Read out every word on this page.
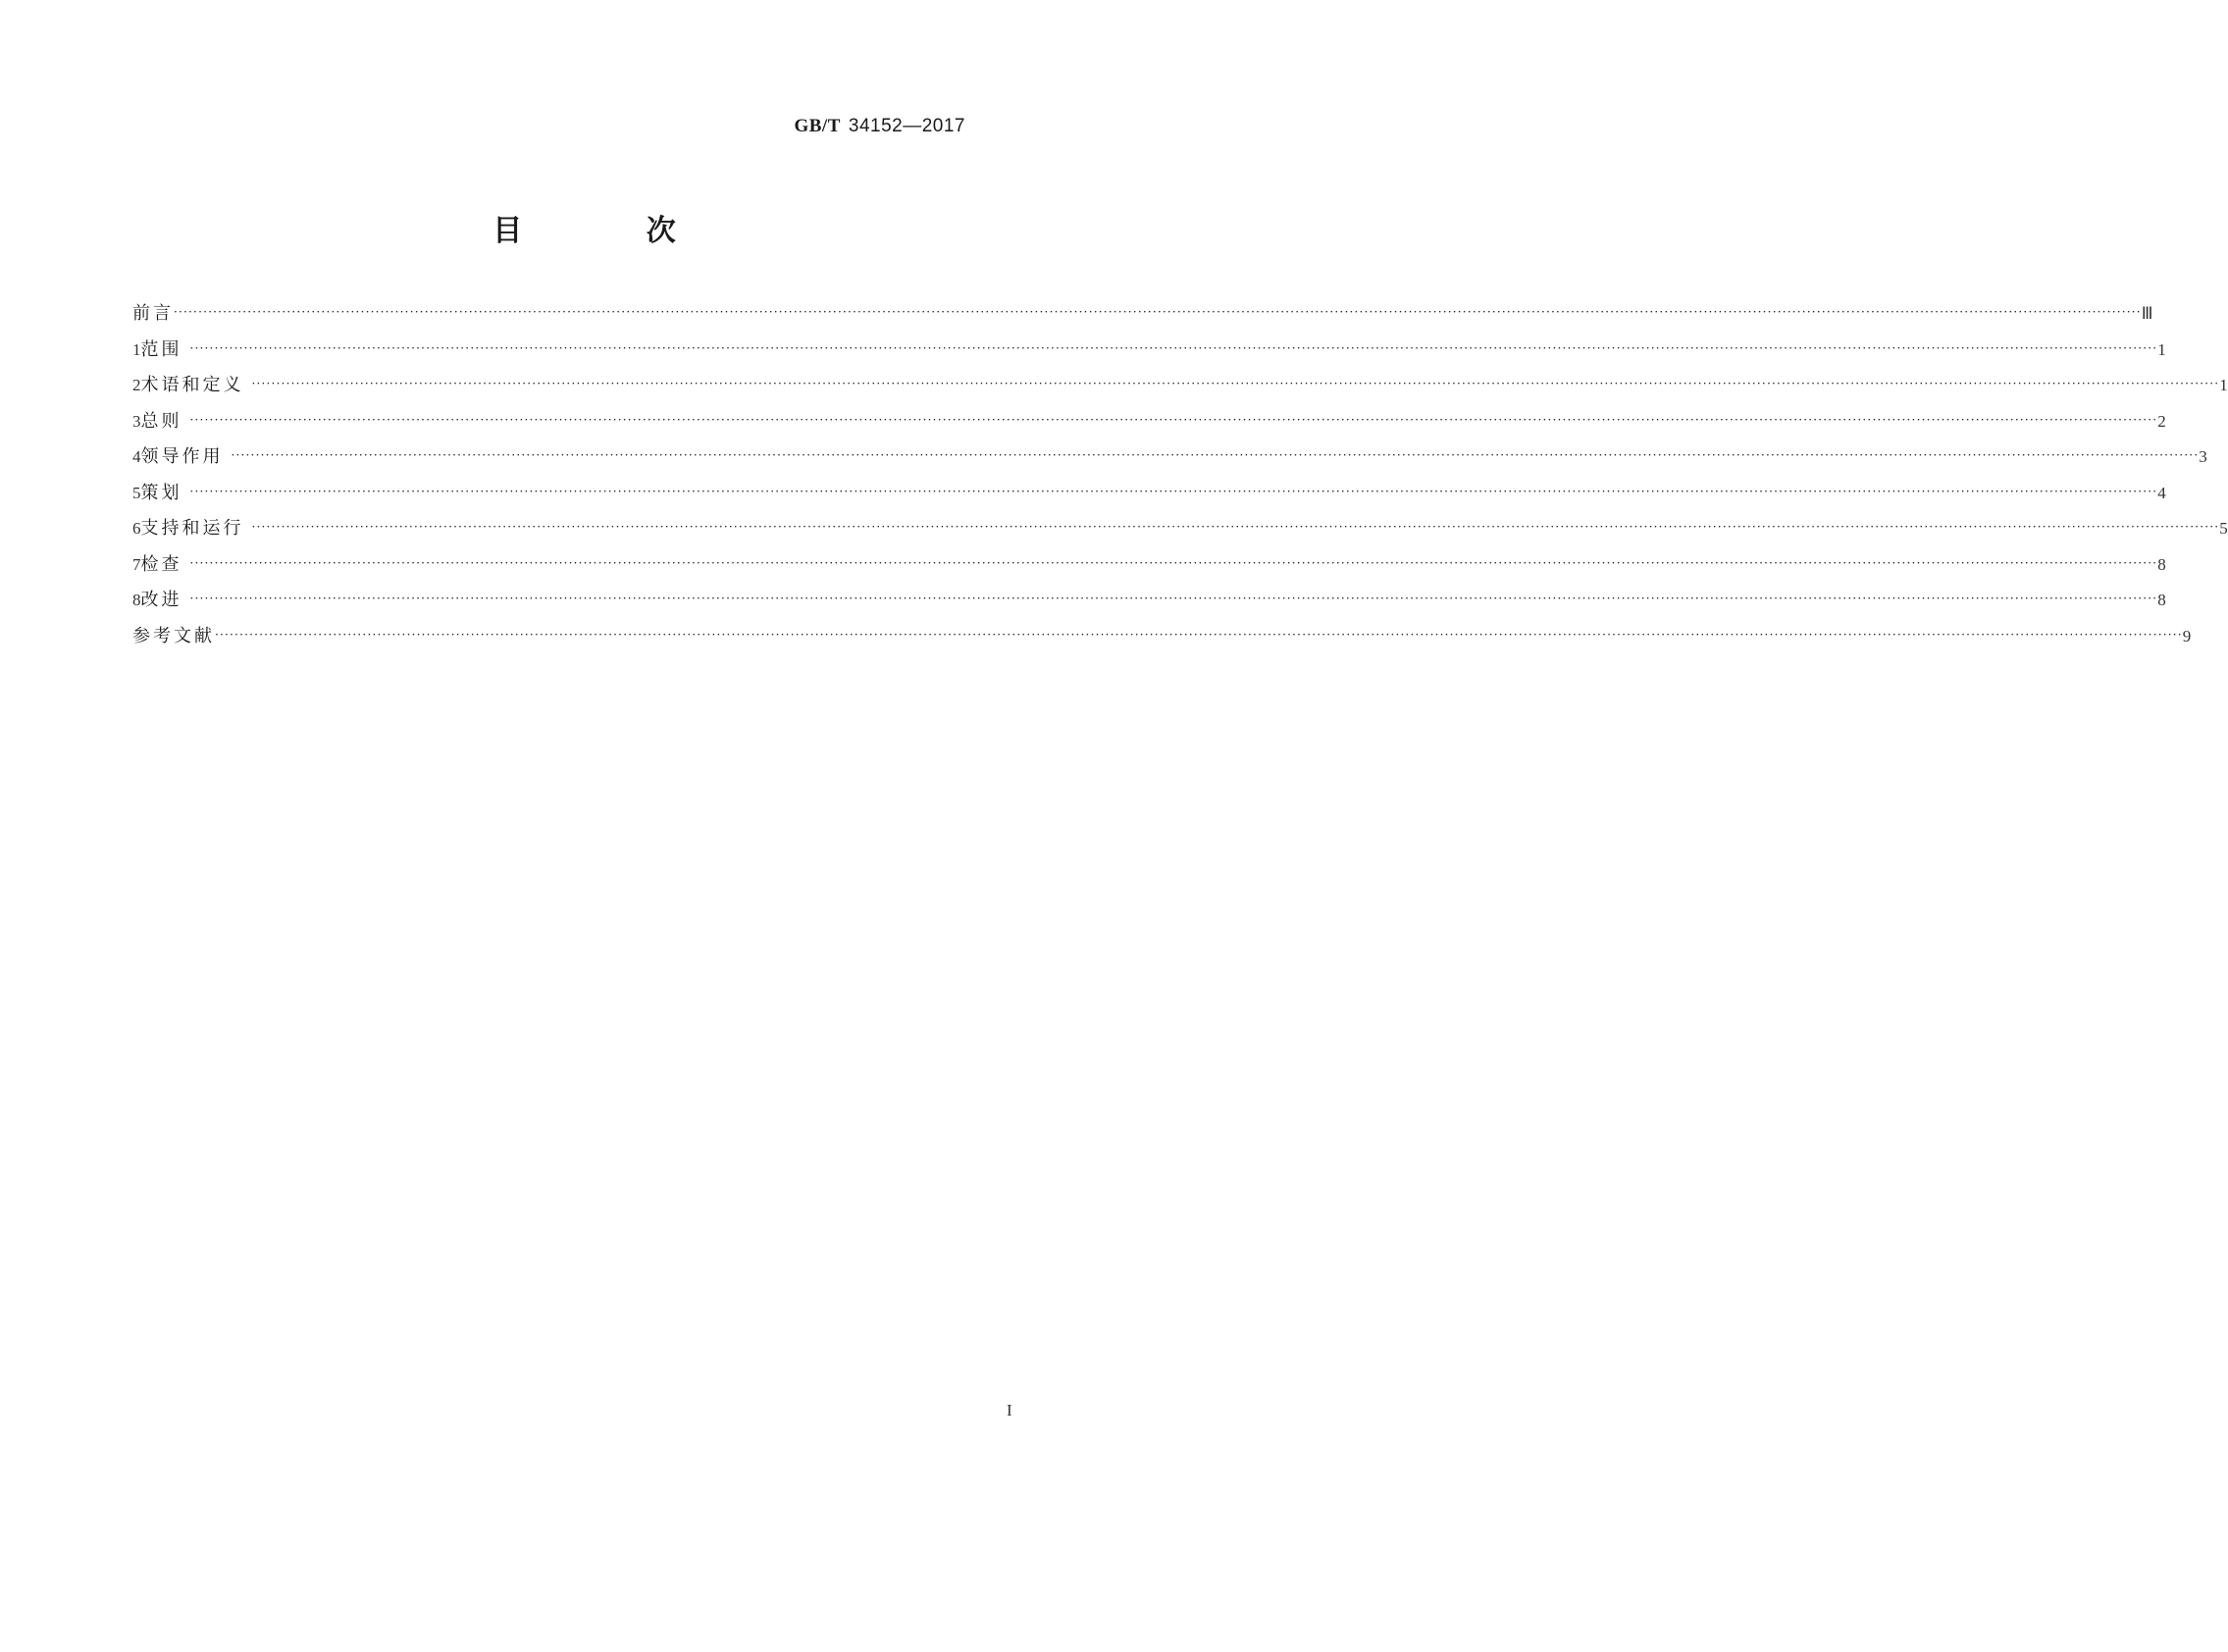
GB/T 34152—2017
目 次
前言 ················································································································································································································································································································································································································ Ⅲ
1 范围 ················································································································································································································································································································································································································ 1
2 术语和定义 ················································································································································································································································································································································································································ 1
3 总则 ················································································································································································································································································································································································································ 2
4 领导作用 ················································································································································································································································································································································································································ 3
5 策划 ················································································································································································································································································································································································································ 4
6 支持和运行 ················································································································································································································································································································································································································ 5
7 检查 ················································································································································································································································································································································································································ 8
8 改进 ················································································································································································································································································································································································································ 8
参考文献 ················································································································································································································································································································································································································ 9
I
